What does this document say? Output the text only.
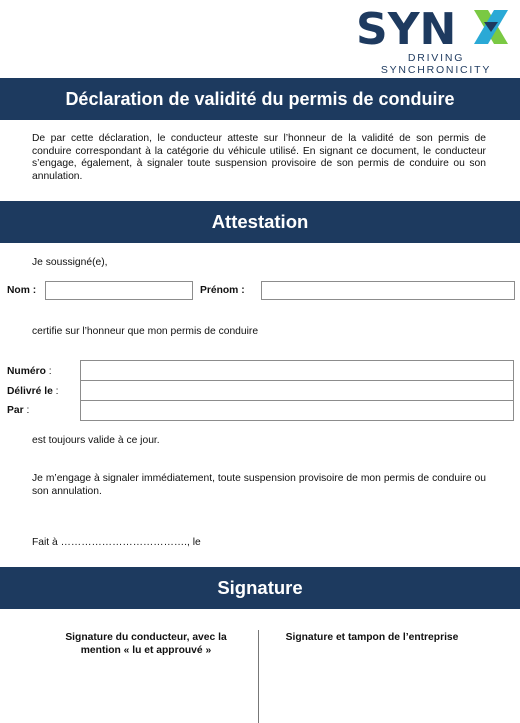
SYN
DRIVING SYNCHRONICITY
Déclaration de validité du permis de conduire
De par cette déclaration, le conducteur atteste sur l’honneur de la validité de son permis de conduire correspondant à la catégorie du véhicule utilisé. En signant ce document, le conducteur s’engage, également, à signaler toute suspension provisoire de son permis de conduire ou son annulation.
Attestation
Je soussigné(e),
Nom :	Prénom :
certifie sur l’honneur que mon permis de conduire
Numéro :
Délivré le :
Par :
est toujours valide à ce jour.
Je m’engage à signaler immédiatement, toute suspension provisoire de mon permis de conduire ou son annulation.
Fait à ………………………………., le
Signature
Signature du conducteur, avec la mention « lu et approuvé »
Signature et tampon de l’entreprise
